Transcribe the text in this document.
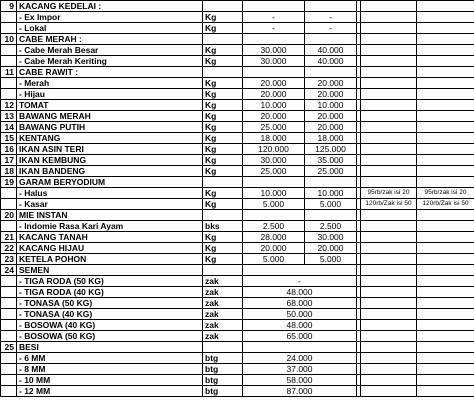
9	KACANG KEDELAI :						
	- Ex Impor	Kg	-	-			
	- Lokal	Kg	-	-			
10	CABE MERAH :						
	- Cabe Merah Besar	Kg	30.000	40.000			
	- Cabe Merah Keriting	Kg	30.000	40.000			
11	CABE RAWIT :						
	- Merah	Kg	20.000	20.000			
	- Hijau	Kg	20.000	20.000			
12	TOMAT	Kg	10.000	10.000			
13	BAWANG MERAH	Kg	20.000	20.000			
14	BAWANG PUTIH	Kg	25.000	20.000			
15	KENTANG	Kg	18.000	18.000			
16	IKAN ASIN TERI	Kg	120.000	125.000			
17	IKAN KEMBUNG	Kg	30.000	35.000			
18	IKAN BANDENG	Kg	25.000	25.000			
19	GARAM BERYODIUM						
	- Halus	Kg	10.000	10.000		95rb/zak isi 20	95rb/zak isi 20
	- Kasar	Kg	5.000	5.000		120rb/Zak isi 50	120rb/Zak isi 50
20	MIE INSTAN						
	- Indomie Rasa Kari Ayam	bks	2.500	2.500			
21	KACANG TANAH	Kg	28.000	30.000			
22	KACANG HIJAU	Kg	20.000	20.000			
23	KETELA POHON	Kg	5.000	5.000			
24	SEMEN						
	- TIGA RODA (50 KG)	zak	-				
	- TIGA RODA (40 KG)	zak	48.000				
	- TONASA (50 KG)	zak	68.000				
	- TONASA (40 KG)	zak	50.000				
	- BOSOWA (40 KG)	zak	48.000				
	- BOSOWA (50 KG)	zak	65.000				
25	BESI						
	- 6 MM	btg	24.000				
	- 8 MM	btg	37.000				
	- 10 MM	btg	58.000				
	- 12 MM	btg	87.000				
